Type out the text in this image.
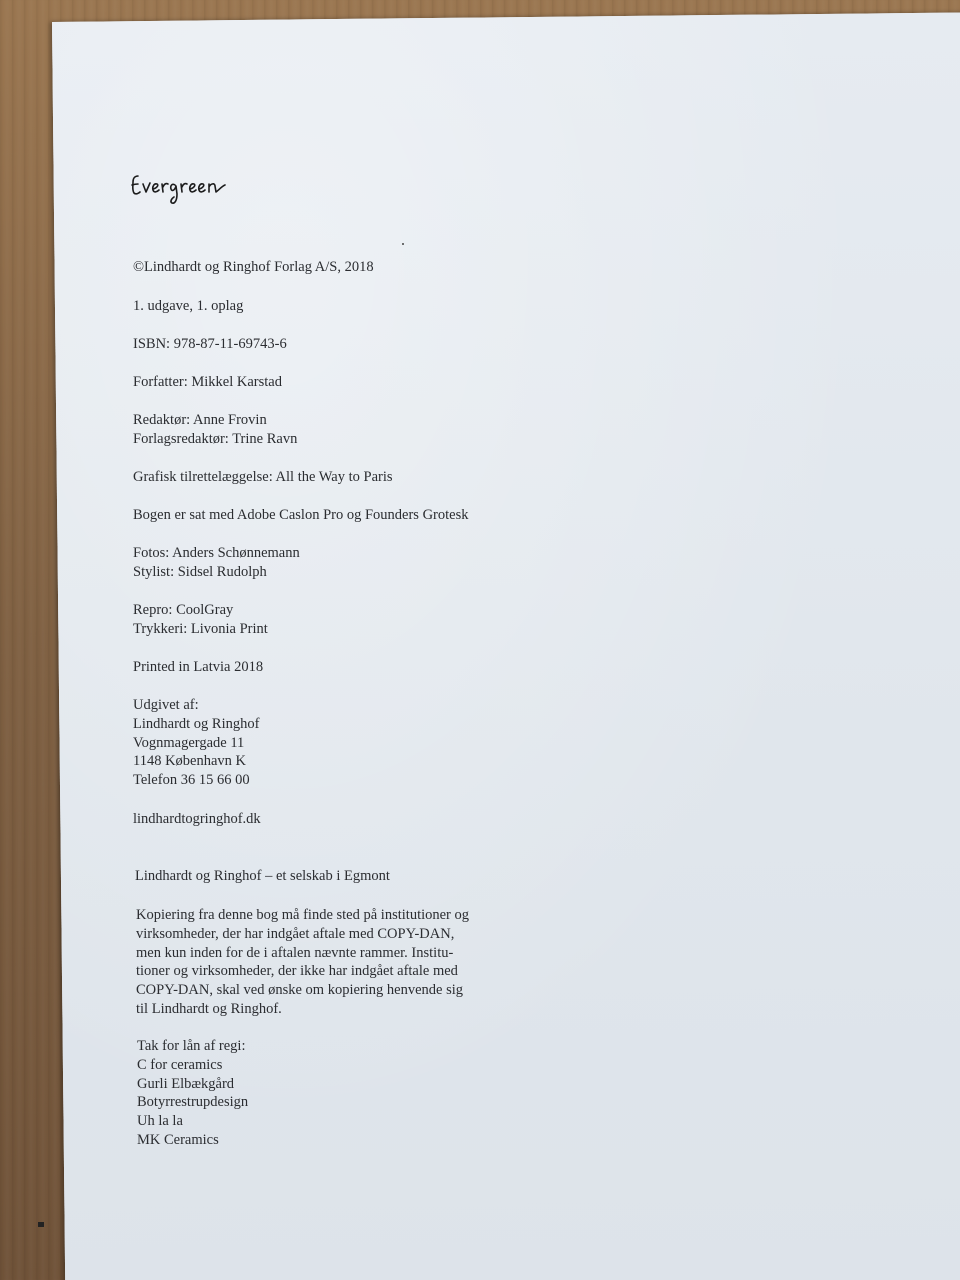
©Lindhardt og Ringhof Forlag A/S, 2018
1. udgave, 1. oplag
ISBN: 978-87-11-69743-6
Forfatter: Mikkel Karstad
Redaktør: Anne Frovin
Forlagsredaktør: Trine Ravn
Grafisk tilrettelæggelse: All the Way to Paris
Bogen er sat med Adobe Caslon Pro og Founders Grotesk
Fotos: Anders Schønnemann
Stylist: Sidsel Rudolph
Repro: CoolGray
Trykkeri: Livonia Print
Printed in Latvia 2018
Udgivet af:
Lindhardt og Ringhof
Vognmagergade 11
1148 København K
Telefon 36 15 66 00
lindhardtogringhof.dk
Lindhardt og Ringhof – et selskab i Egmont
Kopiering fra denne bog må finde sted på institutioner og
virksomheder, der har indgået aftale med COPY-DAN,
men kun inden for de i aftalen nævnte rammer. Institu-
tioner og virksomheder, der ikke har indgået aftale med
COPY-DAN, skal ved ønske om kopiering henvende sig
til Lindhardt og Ringhof.
Tak for lån af regi:
C for ceramics
Gurli Elbækgård
Botyrrestrupdesign
Uh la la
MK Ceramics
